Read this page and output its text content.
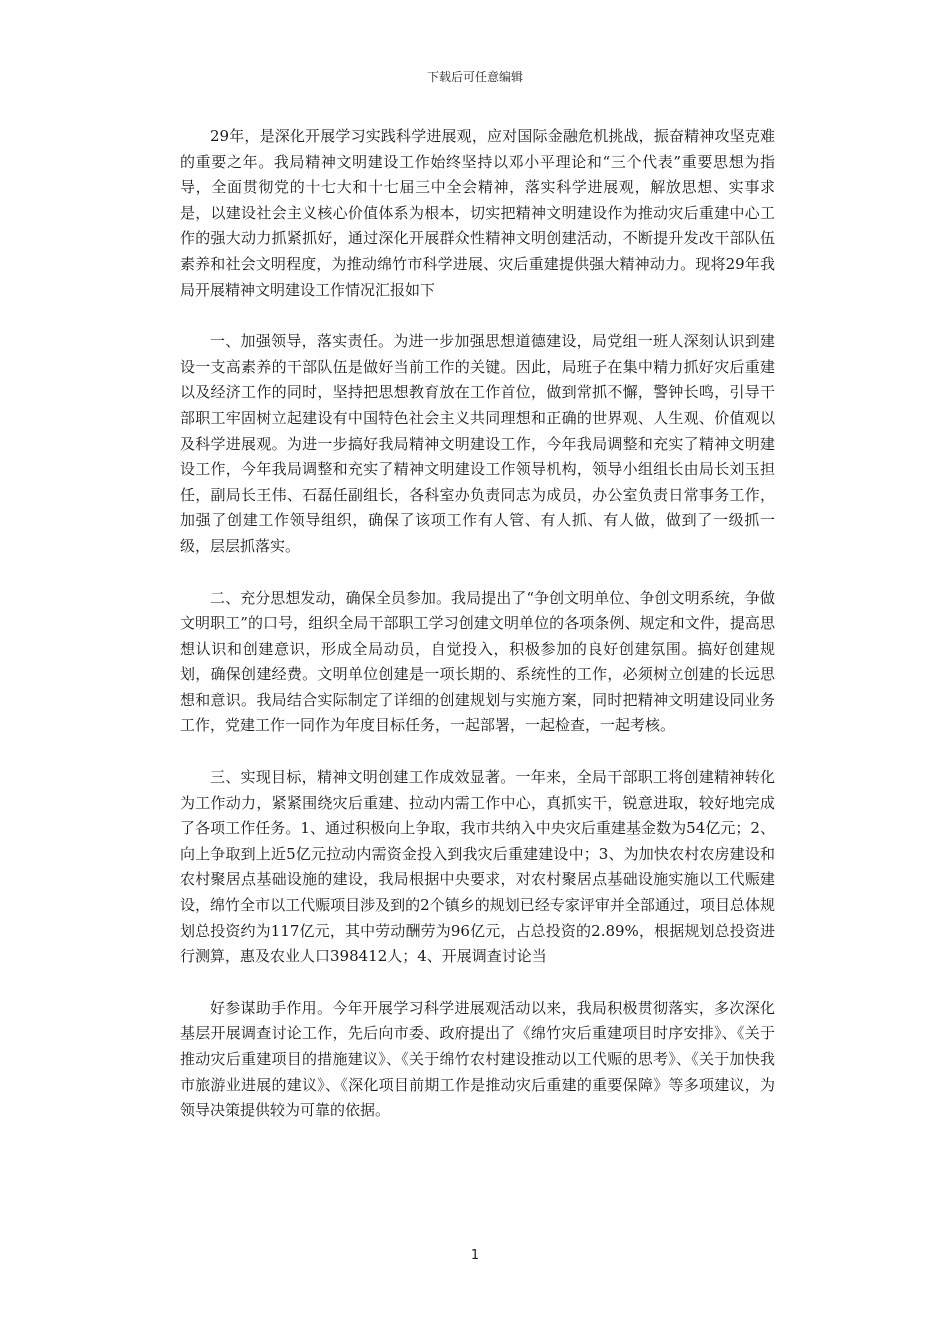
下载后可任意编辑

29年，是深化开展学习实践科学进展观，应对国际金融危机挑战，振奋精神攻坚克难的重要之年。我局精神文明建设工作始终坚持以邓小平理论和“三个代表”重要思想为指导，全面贯彻党的十七大和十七届三中全会精神，落实科学进展观，解放思想、实事求是，以建设社会主义核心价值体系为根本，切实把精神文明建设作为推动灾后重建中心工作的强大动力抓紧抓好，通过深化开展群众性精神文明创建活动，不断提升发改干部队伍素养和社会文明程度，为推动绵竹市科学进展、灾后重建提供强大精神动力。现将29年我局开展精神文明建设工作情况汇报如下

一、加强领导，落实责任。为进一步加强思想道德建设，局党组一班人深刻认识到建设一支高素养的干部队伍是做好当前工作的关键。因此，局班子在集中精力抓好灾后重建以及经济工作的同时，坚持把思想教育放在工作首位，做到常抓不懈，警钟长鸣，引导干部职工牢固树立起建设有中国特色社会主义共同理想和正确的世界观、人生观、价值观以及科学进展观。为进一步搞好我局精神文明建设工作，今年我局调整和充实了精神文明建设工作，今年我局调整和充实了精神文明建设工作领导机构，领导小组组长由局长刘玉担任，副局长王伟、石磊任副组长，各科室办负责同志为成员，办公室负责日常事务工作，加强了创建工作领导组织，确保了该项工作有人管、有人抓、有人做，做到了一级抓一级，层层抓落实。

二、充分思想发动，确保全员参加。我局提出了“争创文明单位、争创文明系统，争做文明职工”的口号，组织全局干部职工学习创建文明单位的各项条例、规定和文件，提高思想认识和创建意识，形成全局动员，自觉投入，积极参加的良好创建氛围。搞好创建规划，确保创建经费。文明单位创建是一项长期的、系统性的工作，必须树立创建的长远思想和意识。我局结合实际制定了详细的创建规划与实施方案，同时把精神文明建设同业务工作，党建工作一同作为年度目标任务，一起部署，一起检查，一起考核。

三、实现目标，精神文明创建工作成效显著。一年来，全局干部职工将创建精神转化为工作动力，紧紧围绕灾后重建、拉动内需工作中心，真抓实干，锐意进取，较好地完成了各项工作任务。1、通过积极向上争取，我市共纳入中央灾后重建基金数为54亿元；2、向上争取到上近5亿元拉动内需资金投入到我灾后重建建设中；3、为加快农村农房建设和农村聚居点基础设施的建设，我局根据中央要求，对农村聚居点基础设施实施以工代赈建设，绵竹全市以工代赈项目涉及到的2个镇乡的规划已经专家评审并全部通过，项目总体规划总投资约为117亿元，其中劳动酬劳为96亿元，占总投资的2.89%，根据规划总投资进行测算，惠及农业人口398412人；4、开展调查讨论当

好参谋助手作用。今年开展学习科学进展观活动以来，我局积极贯彻落实，多次深化基层开展调查讨论工作，先后向市委、政府提出了《绵竹灾后重建项目时序安排》、《关于推动灾后重建项目的措施建议》、《关于绵竹农村建设推动以工代赈的思考》、《关于加快我市旅游业进展的建议》、《深化项目前期工作是推动灾后重建的重要保障》等多项建议，为领导决策提供较为可靠的依据。

1
